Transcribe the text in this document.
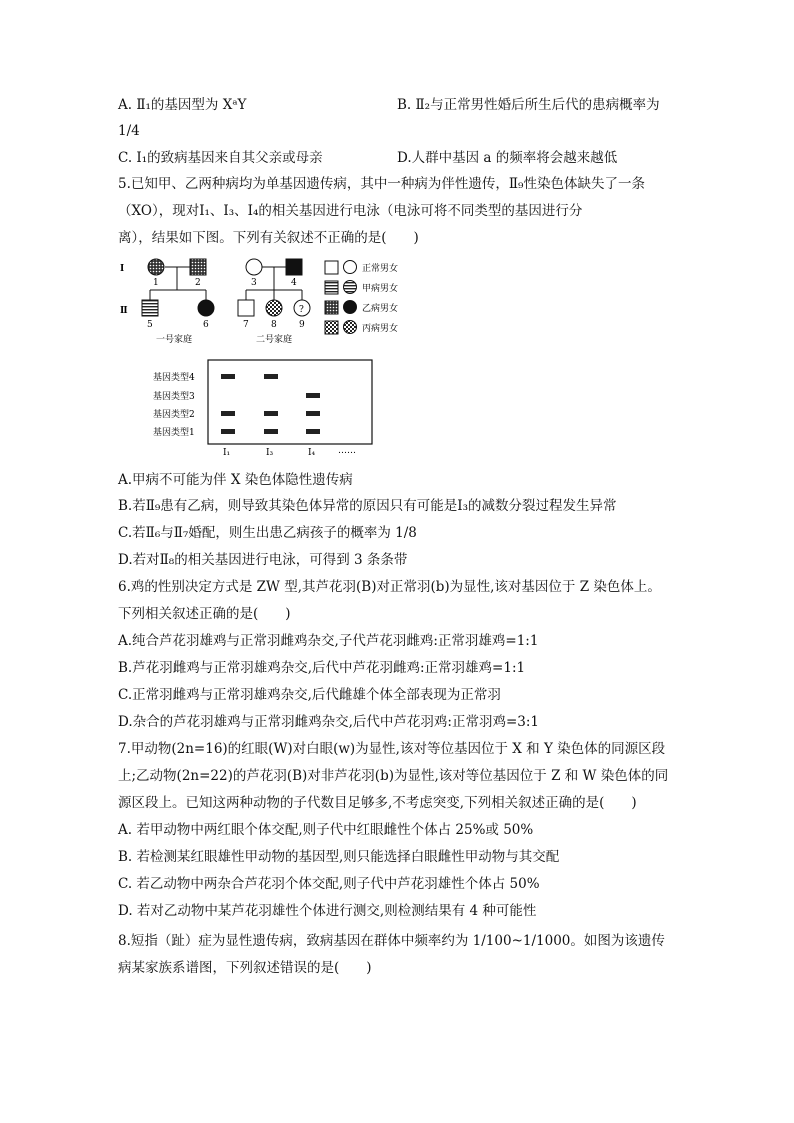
A. Ⅱ₁的基因型为 XᵃY	B. Ⅱ₂与正常男性婚后所生后代的患病概率为
1/4
C. Ⅰ₁的致病基因来自其父亲或母亲	D.人群中基因 a 的频率将会越来越低
5.已知甲、乙两种病均为单基因遗传病，其中一种病为伴性遗传，Ⅱ₉性染色体缺失了一条
（XO），现对Ⅰ₁、Ⅰ₃、Ⅰ₄的相关基因进行电泳（电泳可将不同类型的基因进行分
离），结果如下图。下列有关叙述不正确的是(　　)
Ⅰ
Ⅱ
1	2
5	6
一号家庭
3	4
?
7 8 9
二号家庭
正常男女
甲病男女
乙病男女
丙病男女
基因类型4
基因类型3
基因类型2
基因类型1
Ⅰ₁	Ⅰ₃	Ⅰ₄	……
A.甲病不可能为伴 X 染色体隐性遗传病
B.若Ⅱ₉患有乙病，则导致其染色体异常的原因只有可能是Ⅰ₃的减数分裂过程发生异常
C.若Ⅱ₆与Ⅱ₇婚配，则生出患乙病孩子的概率为 1/8
D.若对Ⅱ₈的相关基因进行电泳，可得到 3 条条带
6.鸡的性别决定方式是 ZW 型,其芦花羽(B)对正常羽(b)为显性,该对基因位于 Z 染色体上。
下列相关叙述正确的是(　　)
A.纯合芦花羽雄鸡与正常羽雌鸡杂交,子代芦花羽雌鸡:正常羽雄鸡=1:1
B.芦花羽雌鸡与正常羽雄鸡杂交,后代中芦花羽雌鸡:正常羽雄鸡=1:1
C.正常羽雌鸡与正常羽雄鸡杂交,后代雌雄个体全部表现为正常羽
D.杂合的芦花羽雄鸡与正常羽雌鸡杂交,后代中芦花羽鸡:正常羽鸡=3:1
7.甲动物(2n=16)的红眼(W)对白眼(w)为显性,该对等位基因位于 X 和 Y 染色体的同源区段
上;乙动物(2n=22)的芦花羽(B)对非芦花羽(b)为显性,该对等位基因位于 Z 和 W 染色体的同
源区段上。已知这两种动物的子代数目足够多,不考虑突变,下列相关叙述正确的是(　　)
A. 若甲动物中两红眼个体交配,则子代中红眼雌性个体占 25%或 50%
B. 若检测某红眼雄性甲动物的基因型,则只能选择白眼雌性甲动物与其交配
C. 若乙动物中两杂合芦花羽个体交配,则子代中芦花羽雄性个体占 50%
D. 若对乙动物中某芦花羽雄性个体进行测交,则检测结果有 4 种可能性
8.短指（趾）症为显性遗传病，致病基因在群体中频率约为 1/100~1/1000。如图为该遗传
病某家族系谱图，下列叙述错误的是(　　)
